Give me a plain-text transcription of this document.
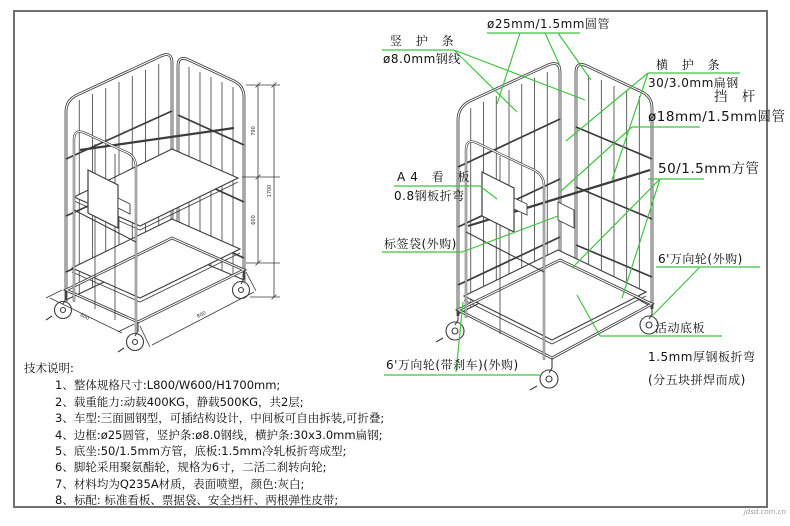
790
600
1700
600	800
ø25mm/1.5mm圆管
竖 护 条
ø8.0mm钢线	横 护 条
30/3.0mm扁钢
挡 杆
ø18mm/1.5mm圆管
50/1.5mm方管
A4 看 板
0.8钢板折弯
标签袋(外购)
6'万向轮(外购)
6'万向轮(带刹车)(外购)
活动底板
1.5mm厚钢板折弯
(分五块拼焊而成)
技术说明:
1、整体规格尺寸:L800/W600/H1700mm;
2、载重能力:动载400KG，静载500KG，共2层;
3、车型:三面圆钢型，可插结构设计，中间板可自由拆装,可折叠;
4、边框:ø25圆管，竖护条:ø8.0钢线，横护条:30x3.0mm扁钢;
5、底坐:50/1.5mm方管，底板:1.5mm冷轧板折弯成型;
6、脚轮采用聚氨酯轮，规格为6寸，二活二刹转向轮;
7、材料均为Q235A材质，表面喷塑，颜色:灰白;
8、标配: 标准看板、票据袋、安全挡杆、两根弹性皮带;
jdsd.com.cn
